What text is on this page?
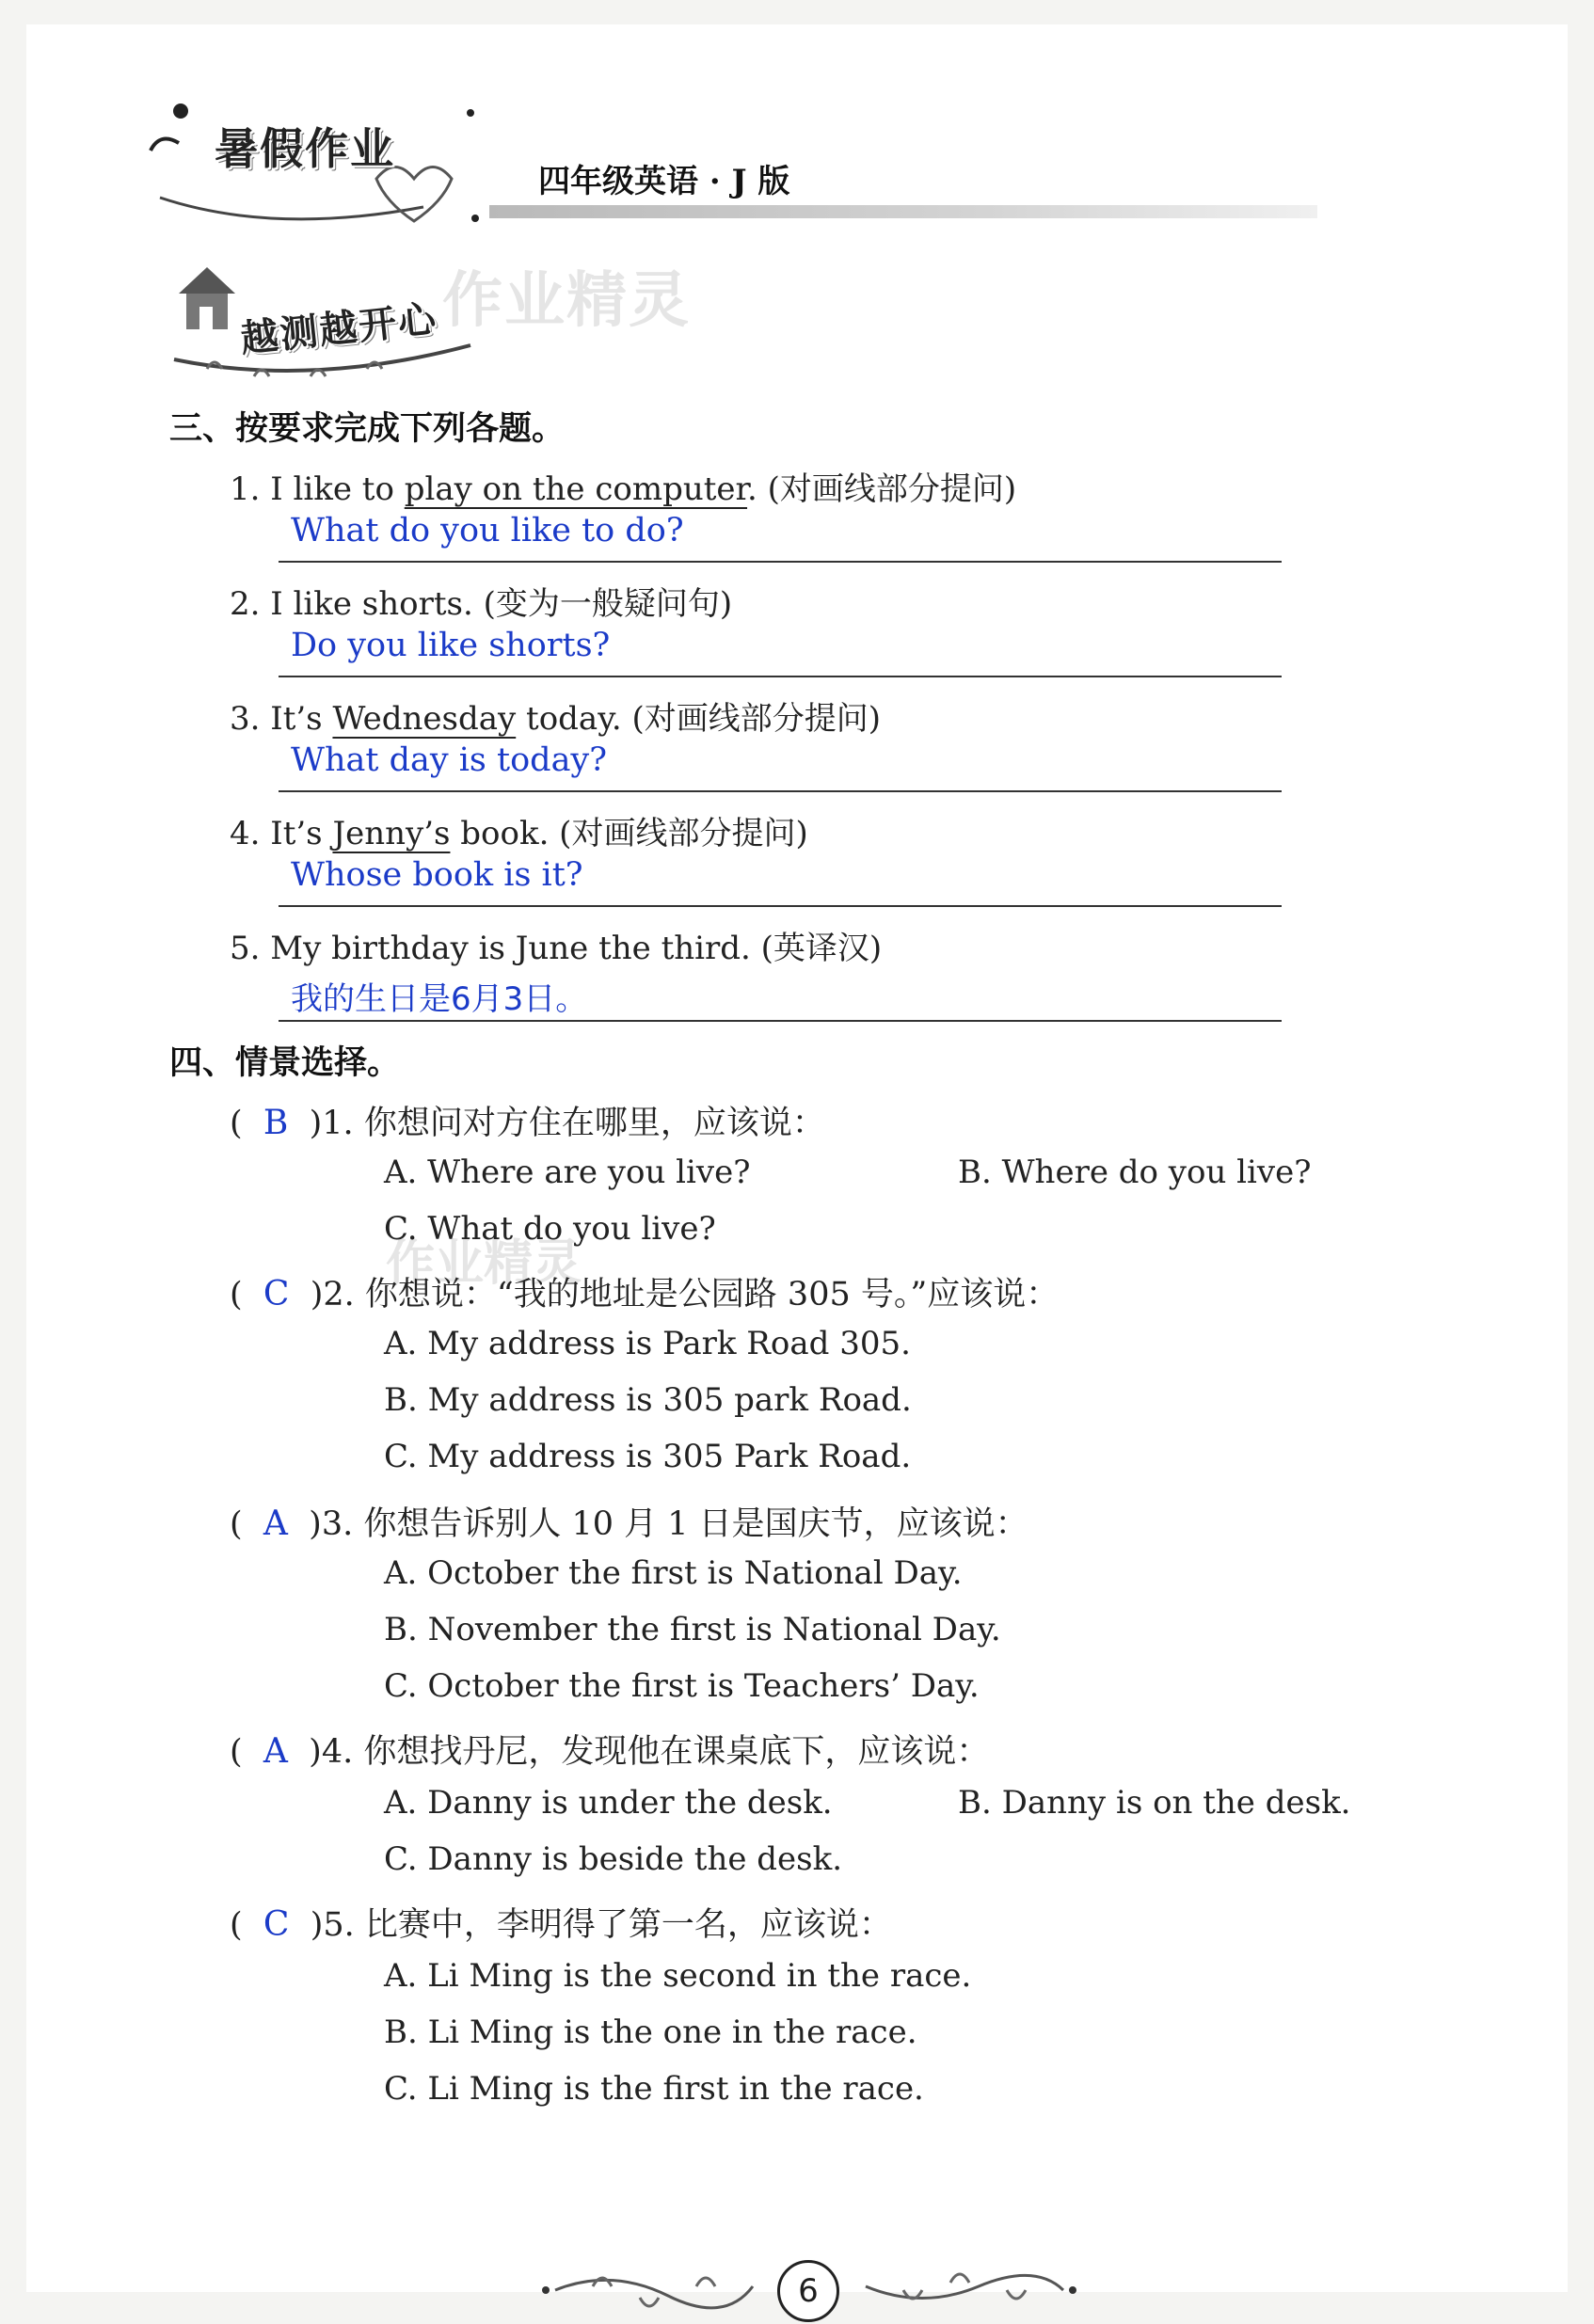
暑假作业
四年级英语 · J 版
越测越开心 作业精灵
三、按要求完成下列各题。
1. I like to play on the computer. (对画线部分提问)
What do you like to do?
2. I like shorts. (变为一般疑问句)
Do you like shorts?
3. It’s Wednesday today. (对画线部分提问)
What day is today?
4. It’s Jenny’s book. (对画线部分提问)
Whose book is it?
5. My birthday is June the third. (英译汉)
我的生日是6月3日。
四、情景选择。
作业精灵
(  B  )1. 你想问对方住在哪里，应该说：
A. Where are you live?	B. Where do you live?
C. What do you live?
(  C  )2. 你想说：“我的地址是公园路 305 号。”应该说：
A. My address is Park Road 305.
B. My address is 305 park Road.
C. My address is 305 Park Road.
(  A  )3. 你想告诉别人 10 月 1 日是国庆节，应该说：
A. October the first is National Day.
B. November the first is National Day.
C. October the first is Teachers’ Day.
(  A  )4. 你想找丹尼，发现他在课桌底下，应该说：
A. Danny is under the desk.	B. Danny is on the desk.
C. Danny is beside the desk.
(  C  )5. 比赛中，李明得了第一名，应该说：
A. Li Ming is the second in the race.
B. Li Ming is the one in the race.
C. Li Ming is the first in the race.
6
